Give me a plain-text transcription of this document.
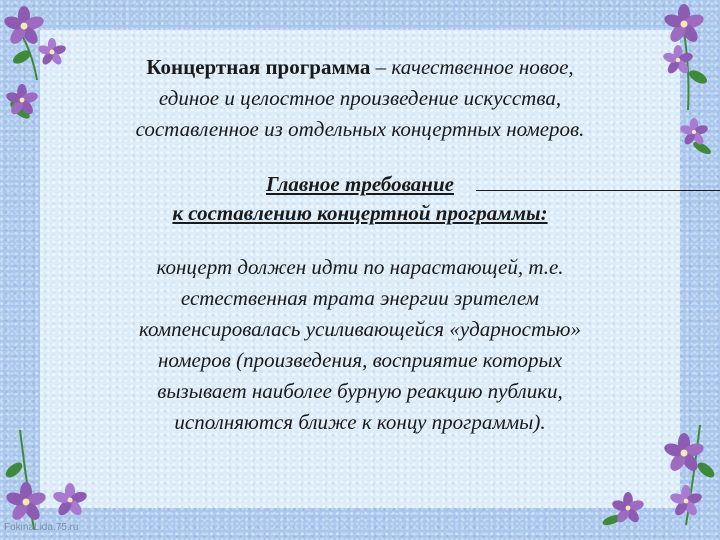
Концертная программа – качественное новое,
единое и целостное произведение искусства,
составленное из отдельных концертных номеров.
Главное требование
к составлению концертной программы:
концерт должен идти по нарастающей, т.е.
естественная трата энергии зрителем
компенсировалась усиливающейся «ударностью»
номеров (произведения, восприятие которых
вызывает наиболее бурную реакцию публики,
исполняются ближе к концу программы).
FokinaLida.75.ru
